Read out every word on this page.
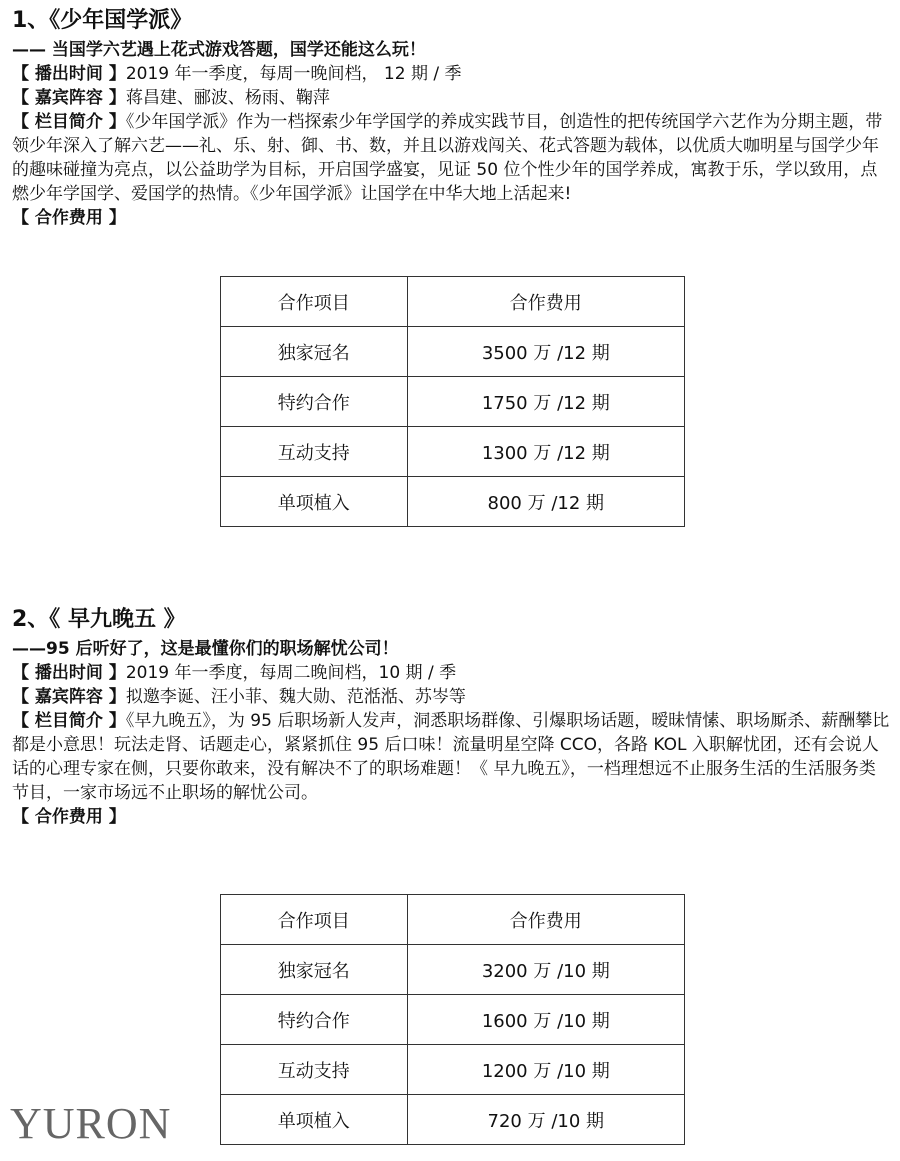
1、《少年国学派》
—— 当国学六艺遇上花式游戏答题，国学还能这么玩！
【 播出时间 】2019 年一季度，每周一晚间档， 12 期 / 季
【 嘉宾阵容 】蒋昌建、郦波、杨雨、鞠萍
【 栏目简介 】《少年国学派》作为一档探索少年学国学的养成实践节目，创造性的把传统国学六艺作为分期主题，带领少年深入了解六艺——礼、乐、射、御、书、数，并且以游戏闯关、花式答题为载体，以优质大咖明星与国学少年的趣味碰撞为亮点，以公益助学为目标，开启国学盛宴，见证 50 位个性少年的国学养成，寓教于乐，学以致用，点燃少年学国学、爱国学的热情。《少年国学派》让国学在中华大地上活起来!
【 合作费用 】
合作项目	合作费用
独家冠名	3500 万 /12 期
特约合作	1750 万 /12 期
互动支持	1300 万 /12 期
单项植入	800 万 /12 期
2、《 早九晚五 》
——95 后听好了，这是最懂你们的职场解忧公司！
【 播出时间 】2019 年一季度，每周二晚间档，10 期 / 季
【 嘉宾阵容 】拟邀李诞、汪小菲、魏大勋、范湉湉、苏岑等
【 栏目简介 】《早九晚五》，为 95 后职场新人发声，洞悉职场群像、引爆职场话题，暧昧情愫、职场厮杀、薪酬攀比都是小意思！玩法走肾、话题走心，紧紧抓住 95 后口味！流量明星空降 CCO，各路 KOL 入职解忧团，还有会说人话的心理专家在侧，只要你敢来，没有解决不了的职场难题！《 早九晚五》，一档理想远不止服务生活的生活服务类节目，一家市场远不止职场的解忧公司。
【 合作费用 】
合作项目	合作费用
独家冠名	3200 万 /10 期
特约合作	1600 万 /10 期
互动支持	1200 万 /10 期
单项植入	720 万 /10 期
YURON
